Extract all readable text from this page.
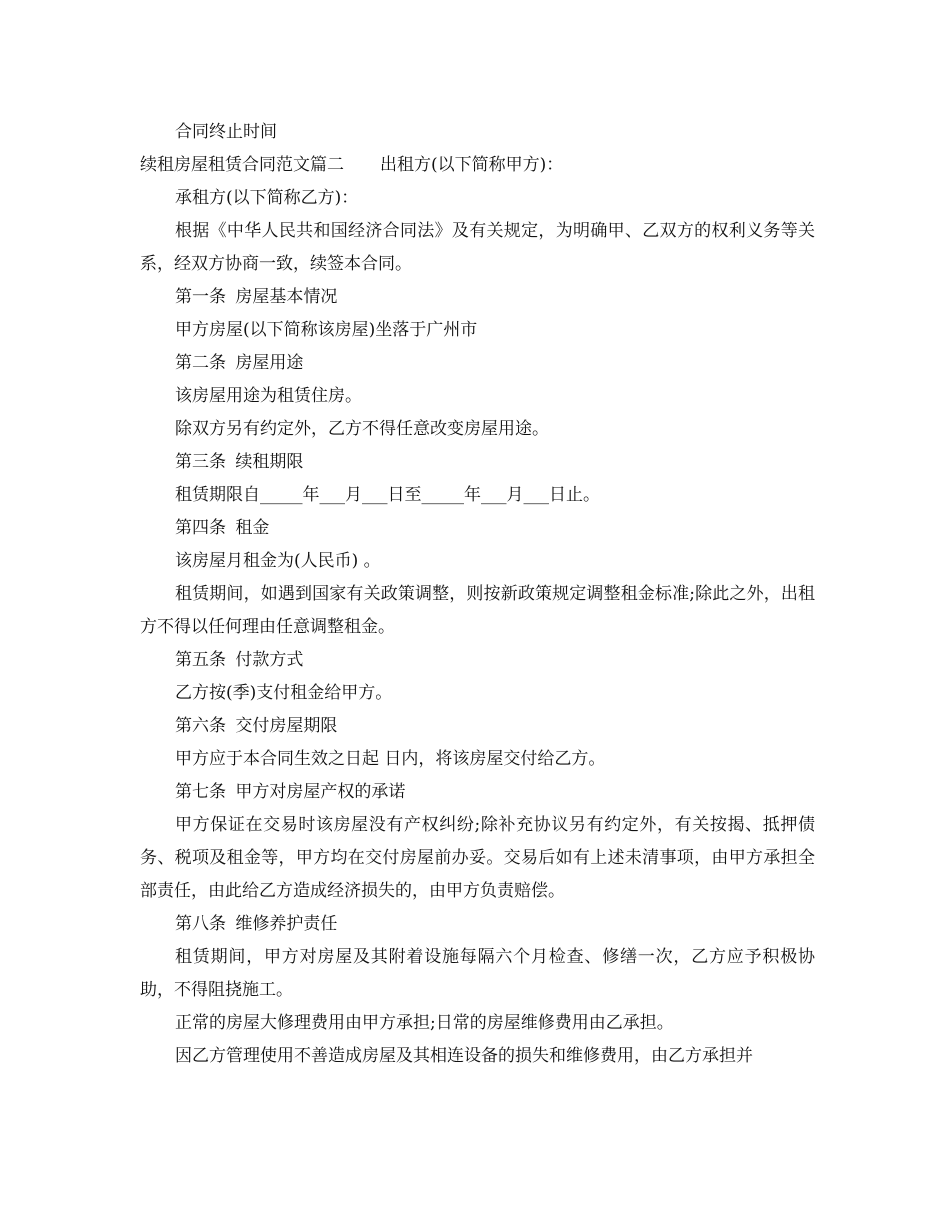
合同终止时间

续租房屋租赁合同范文篇二 出租方(以下简称甲方)：

承租方(以下简称乙方)：

根据《中华人民共和国经济合同法》及有关规定，为明确甲、乙双方的权利义务等关系，经双方协商一致，续签本合同。

第一条 房屋基本情况

甲方房屋(以下简称该房屋)坐落于广州市

第二条 房屋用途

该房屋用途为租赁住房。

除双方另有约定外，乙方不得任意改变房屋用途。

第三条 续租期限

租赁期限自_____年___月___日至_____年___月___日止。

第四条 租金

该房屋月租金为(人民币) 。

租赁期间，如遇到国家有关政策调整，则按新政策规定调整租金标准;除此之外，出租方不得以任何理由任意调整租金。

第五条 付款方式

乙方按(季)支付租金给甲方。

第六条 交付房屋期限

甲方应于本合同生效之日起 日内，将该房屋交付给乙方。

第七条 甲方对房屋产权的承诺

甲方保证在交易时该房屋没有产权纠纷;除补充协议另有约定外，有关按揭、抵押债务、税项及租金等，甲方均在交付房屋前办妥。交易后如有上述未清事项，由甲方承担全部责任，由此给乙方造成经济损失的，由甲方负责赔偿。

第八条 维修养护责任

租赁期间，甲方对房屋及其附着设施每隔六个月检查、修缮一次，乙方应予积极协助，不得阻挠施工。

正常的房屋大修理费用由甲方承担;日常的房屋维修费用由乙承担。

因乙方管理使用不善造成房屋及其相连设备的损失和维修费用，由乙方承担并
